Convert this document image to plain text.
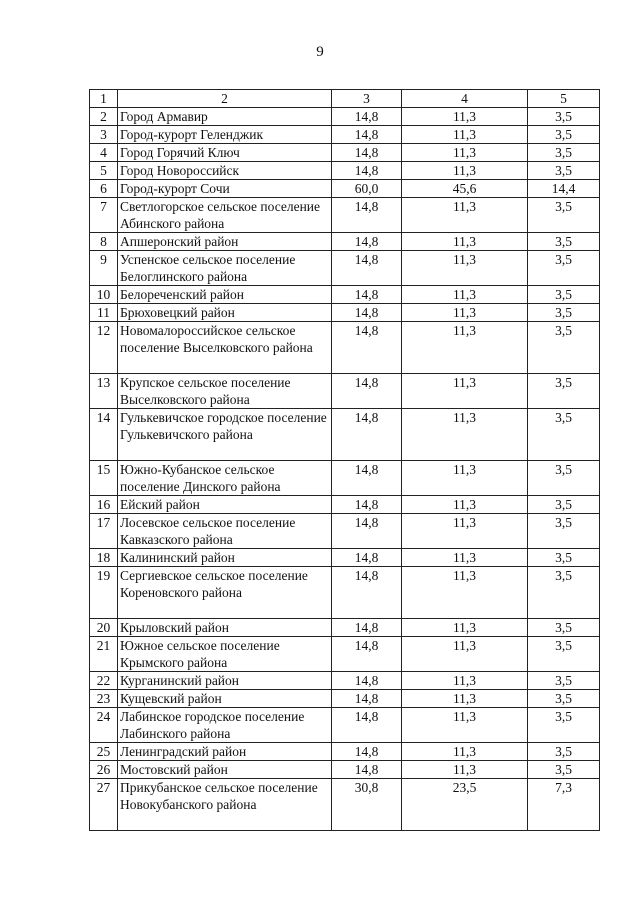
9
1	2	3	4	5
2	Город Армавир	14,8	11,3	3,5
3	Город-курорт Геленджик	14,8	11,3	3,5
4	Город Горячий Ключ	14,8	11,3	3,5
5	Город Новороссийск	14,8	11,3	3,5
6	Город-курорт Сочи	60,0	45,6	14,4
7	Светлогорское сельское поселение Абинского района	14,8	11,3	3,5
8	Апшеронский район	14,8	11,3	3,5
9	Успенское сельское поселение Белоглинского района	14,8	11,3	3,5
10	Белореченский район	14,8	11,3	3,5
11	Брюховецкий район	14,8	11,3	3,5
12	Новомалороссийское сельское поселение Выселковского района	14,8	11,3	3,5
13	Крупское сельское поселение Выселковского района	14,8	11,3	3,5
14	Гулькевичское городское поселение Гулькевичского района	14,8	11,3	3,5
15	Южно-Кубанское сельское поселение Динского района	14,8	11,3	3,5
16	Ейский район	14,8	11,3	3,5
17	Лосевское сельское поселение Кавказского района	14,8	11,3	3,5
18	Калининский район	14,8	11,3	3,5
19	Сергиевское сельское поселение Кореновского района	14,8	11,3	3,5
20	Крыловский район	14,8	11,3	3,5
21	Южное сельское поселение Крымского района	14,8	11,3	3,5
22	Курганинский район	14,8	11,3	3,5
23	Кущевский район	14,8	11,3	3,5
24	Лабинское городское поселение Лабинского района	14,8	11,3	3,5
25	Ленинградский район	14,8	11,3	3,5
26	Мостовский район	14,8	11,3	3,5
27	Прикубанское сельское поселение Новокубанского района	30,8	23,5	7,3
